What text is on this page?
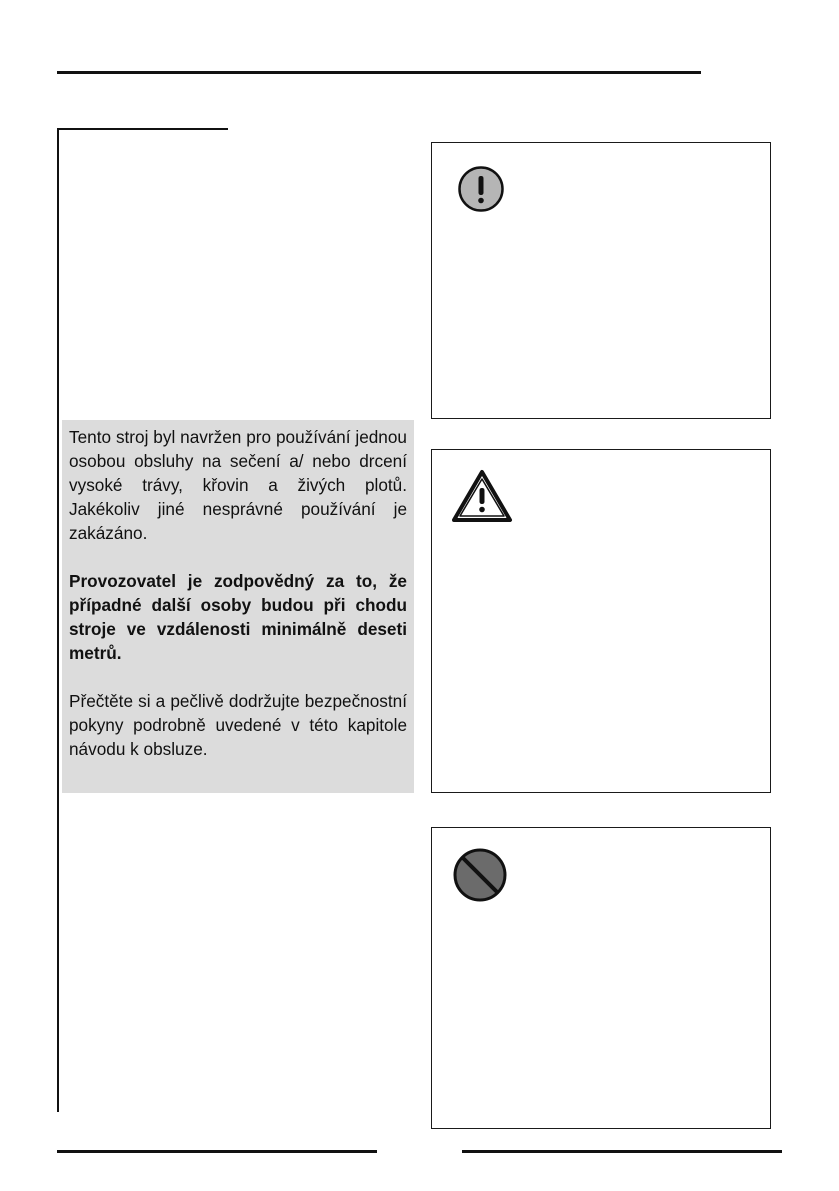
Tento stroj byl navržen pro používání jednou osobou obsluhy na sečení a/ nebo drcení vysoké trávy, křovin a živých plotů. Jakékoliv jiné nesprávné používání je zakázáno.

Provozovatel je zodpovědný za to, že případné další osoby budou při chodu stroje ve vzdálenosti minimálně deseti metrů.

Přečtěte si a pečlivě dodržujte bezpečnostní pokyny podrobně uvedené v této kapitole návodu k obsluze.
